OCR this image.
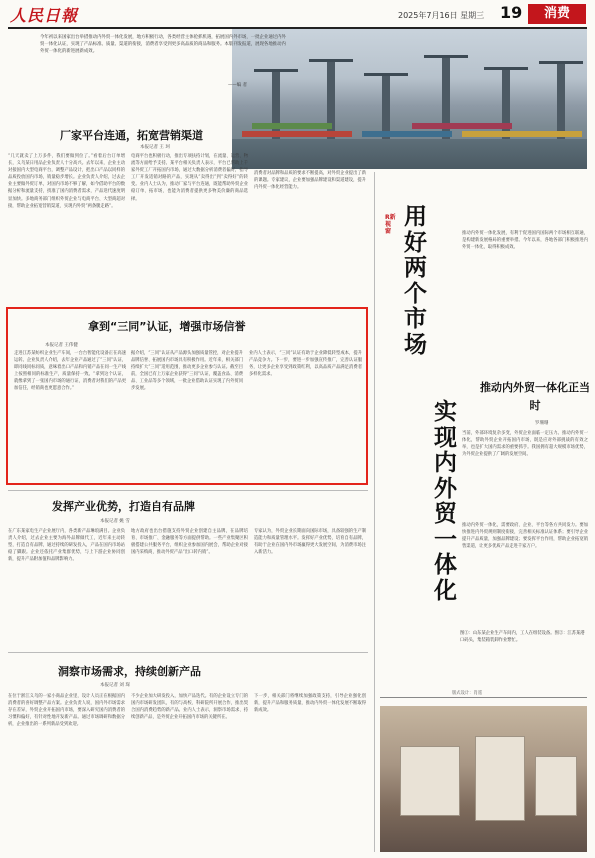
人民日報	2025年7月16日 星期三 19	消费
今年初以来国家出台举措推动内外贸一体化发展，地方积极行动，各类经营主体抢抓机遇，拓展国内外市场，一批企业通过内外贸一体化认证，实现了产品标准、质量、渠道的衔接，消费者享受到更多高品质的商品和服务。本版刊发报道，展现各地推动内外贸一体化的新进展新成效。
——编 者
厂家平台连通，拓宽营销渠道
本报记者 王 珂
“几天就卖了上万多件，我们要做到位了。”看着后台订单增长，义乌某日用品企业负责人十分高兴。去年以来，企业主动对接国内大型电商平台，调整产品设计，把出口产品以同样的品质投放国内市场，销量稳步增长。企业负责人介绍，过去企业主要做外贸订单，对国内市场不够了解，如今借助平台的数据分析和流量支持，找准了国内消费者需求，产品迭代速度明显加快。多地商务部门组织外贸企业与电商平台、大型商超对接，帮助企业拓宽营销渠道，实现内外贸“两条腿走路”。
电商平台也积极行动，推出专项扶持计划，在流量、运营、物流等方面给予支持。某平台相关负责人表示，平台已帮助上千家外贸工厂开拓国内市场，通过大数据分析消费者偏好，指导工厂开发适销对路的产品，实现从“卖得出”到“卖得好”的转变。业内人士认为，推动厂家与平台连通，既能帮助外贸企业稳订单、拓市场，也能为消费者提供更多物美价廉的商品选择。
消费者对品牌和品质的要求不断提高，对外贸企业提出了新的课题。专家建议，企业要加强品牌建设和渠道建设，提升内外贸一体化经营能力。
拿到“三同”认证，增强市场信誉
本报记者 王伟健
走进江苏某纺织企业生产车间，一台台智能化设备正在高速运转。企业负责人介绍，去年企业产品通过了“三同”认证，即同线同标同质，意味着出口产品和内销产品在同一生产线上按照相同的标准生产，质量保持一致。“拿到这个认证，就像拿到了一张国内市场的通行证，消费者对我们的产品更加信任，经销商也更愿意合作。”
据介绍，“三同”认证从产品源头加强质量管控，对企业提升品牌信誉、拓展国内市场具有积极作用。近年来，相关部门持续扩大“三同”适用范围，推动更多企业参与认证。截至目前，全国已有上万家企业获得“三同”认证，覆盖食品、消费品、工业品等多个领域，一批企业借助认证实现了内外贸同步发展。
业内人士表示，“三同”认证有助于企业降低转型成本，提升产品竞争力。下一步，要进一步加强宣传推广，完善认证服务，让更多企业享受到政策红利，以高品质产品满足消费者多样化需求。
发挥产业优势，打造自有品牌
本报记者 姚 雪
在广东某家电生产企业展厅内，各类新产品琳琅满目。企业负责人介绍，过去企业主要为海外品牌做代工，近年来主动转型，打造自有品牌，通过持续的研发投入，产品在国内市场站稳了脚跟。企业还依托产业集群优势，与上下游企业协同创新，提升产品附加值和品牌影响力。
地方政府也出台措施支持外贸企业创建自主品牌，在品牌培育、市场推广、金融服务等方面提供帮助。一些产业集聚区积极搭建公共服务平台，组织企业参加国内展会，帮助企业对接国内采购商，推动外贸产品“出口转内销”。
专家认为，外贸企业长期面向国际市场，具备较强的生产制造能力和质量管理水平。发挥好产业优势，培育自有品牌，有助于企业在国内外市场赢得更大发展空间，为消费市场注入新活力。
洞察市场需求，持续创新产品
本报记者 刘 琛
在位于浙江义乌的一家小商品企业里，设计人员正在根据国内消费者的喜好调整产品方案。企业负责人说，国内外市场需求存在差异，外贸企业开拓国内市场，要深入研究国内消费者的习惯和偏好，有针对性地开发新产品。通过市场调研和数据分析，企业推出的一系列新品受到欢迎。
不少企业加大研发投入，加快产品迭代。有的企业设立专门的国内市场研发团队，有的与高校、科研院所开展合作，推出契合国内消费趋势的新产品。业内人士表示，洞察市场需求、持续创新产品，是外贸企业开拓国内市场的关键所在。
下一步，相关部门将继续加强政策支持，引导企业强化创新，提升产品和服务质量，推动内外贸一体化发展不断取得新成效。
R新视窗
用好两个市场
实现内外贸一体化
推动内外贸一体化发展，有利于促进国内国际两个市场相互联通，是构建新发展格局的重要举措。今年以来，各地各部门积极推进内外贸一体化，取得积极成效。
推动内外贸一体化正当时
罗珊珊
当前，外部环境复杂多变，外贸企业面临一定压力。推动内外贸一体化，帮助外贸企业开拓国内市场，既是应对外部挑战的有效之举，也是扩大国内需求的重要抓手。我国拥有超大规模市场优势，为外贸企业提供了广阔的发展空间。
推动内外贸一体化，需要政府、企业、平台等各方共同发力。要加快推进内外贸规则制度衔接，完善相关标准认证体系；要引导企业提升产品质量，加强品牌建设；要发挥平台作用，帮助企业拓宽销售渠道，让更多优质产品走进千家万户。
图①：山东某企业生产车间内，工人在组装设备。图②：江苏某港口码头，集装箱装卸作业繁忙。
版式设计：肖遥
